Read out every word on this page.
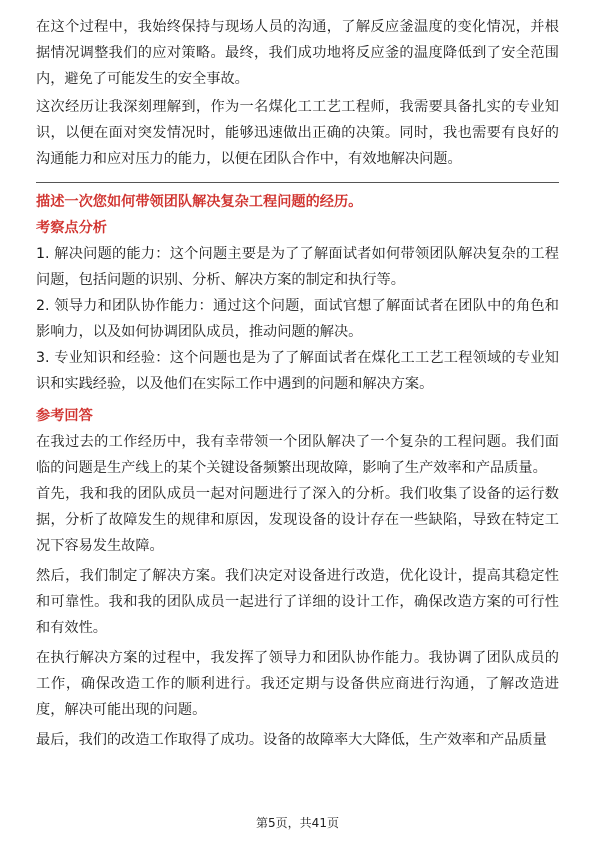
在这个过程中，我始终保持与现场人员的沟通，了解反应釜温度的变化情况，并根据情况调整我们的应对策略。最终，我们成功地将反应釜的温度降低到了安全范围内，避免了可能发生的安全事故。

这次经历让我深刻理解到，作为一名煤化工工艺工程师，我需要具备扎实的专业知识，以便在面对突发情况时，能够迅速做出正确的决策。同时，我也需要有良好的沟通能力和应对压力的能力，以便在团队合作中，有效地解决问题。

描述一次您如何带领团队解决复杂工程问题的经历。

考察点分析

1. 解决问题的能力：这个问题主要是为了了解面试者如何带领团队解决复杂的工程问题，包括问题的识别、分析、解决方案的制定和执行等。

2. 领导力和团队协作能力：通过这个问题，面试官想了解面试者在团队中的角色和影响力，以及如何协调团队成员，推动问题的解决。

3. 专业知识和经验：这个问题也是为了了解面试者在煤化工工艺工程领域的专业知识和实践经验，以及他们在实际工作中遇到的问题和解决方案。

参考回答

在我过去的工作经历中，我有幸带领一个团队解决了一个复杂的工程问题。我们面临的问题是生产线上的某个关键设备频繁出现故障，影响了生产效率和产品质量。

首先，我和我的团队成员一起对问题进行了深入的分析。我们收集了设备的运行数据，分析了故障发生的规律和原因，发现设备的设计存在一些缺陷，导致在特定工况下容易发生故障。

然后，我们制定了解决方案。我们决定对设备进行改造，优化设计，提高其稳定性和可靠性。我和我的团队成员一起进行了详细的设计工作，确保改造方案的可行性和有效性。

在执行解决方案的过程中，我发挥了领导力和团队协作能力。我协调了团队成员的工作，确保改造工作的顺利进行。我还定期与设备供应商进行沟通，了解改造进度，解决可能出现的问题。

最后，我们的改造工作取得了成功。设备的故障率大大降低，生产效率和产品质量

第5页，共41页
